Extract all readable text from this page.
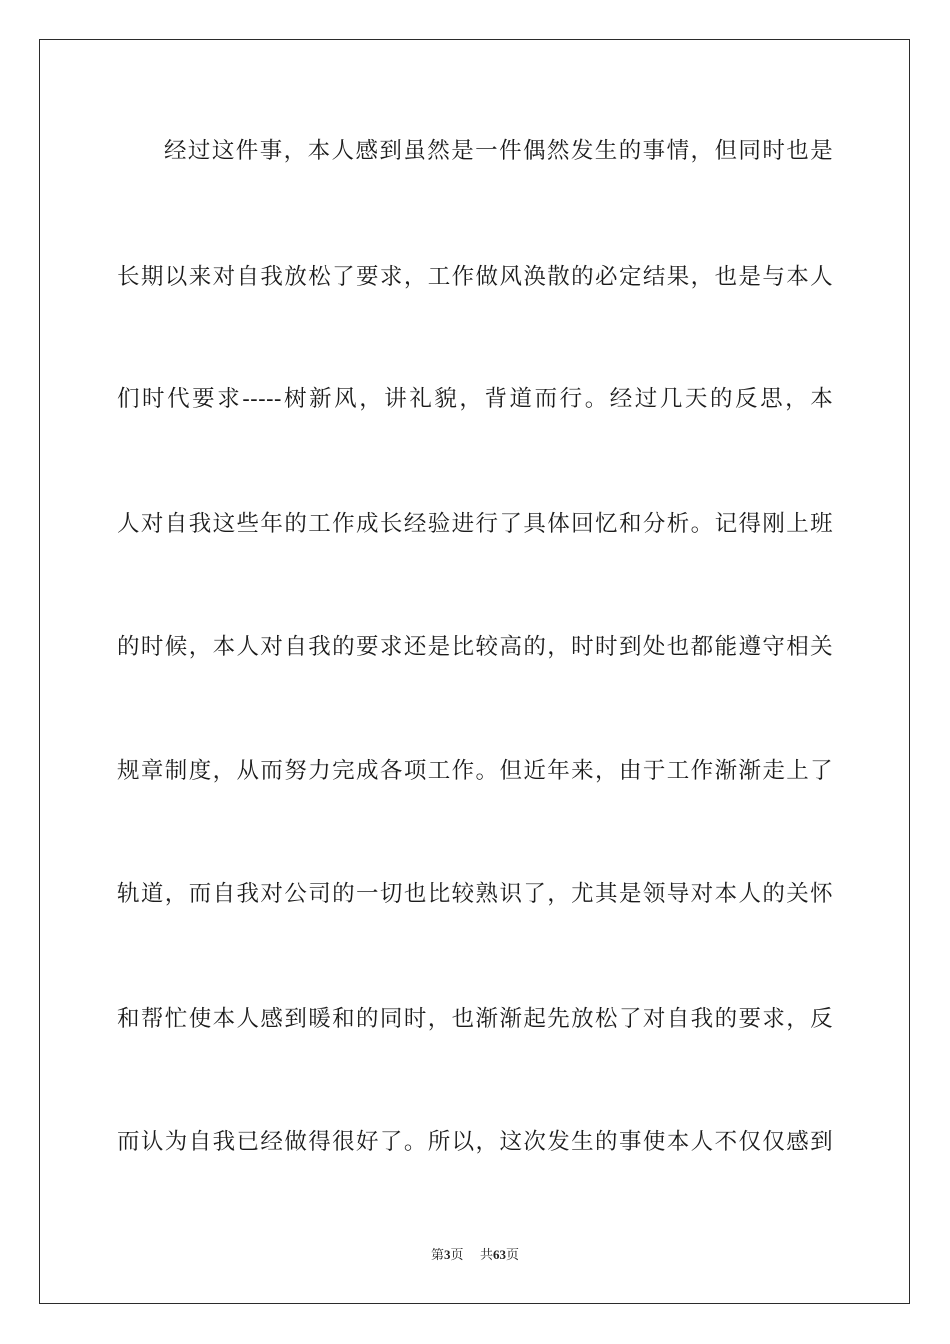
经过这件事，本人感到虽然是一件偶然发生的事情，但同时也是
长期以来对自我放松了要求，工作做风涣散的必定结果，也是与本人
们时代要求-----树新风，讲礼貌，背道而行。经过几天的反思，本
人对自我这些年的工作成长经验进行了具体回忆和分析。记得刚上班
的时候，本人对自我的要求还是比较高的，时时到处也都能遵守相关
规章制度，从而努力完成各项工作。但近年来，由于工作渐渐走上了
轨道，而自我对公司的一切也比较熟识了，尤其是领导对本人的关怀
和帮忙使本人感到暖和的同时，也渐渐起先放松了对自我的要求，反
而认为自我已经做得很好了。所以，这次发生的事使本人不仅仅感到
第3页 共63页
